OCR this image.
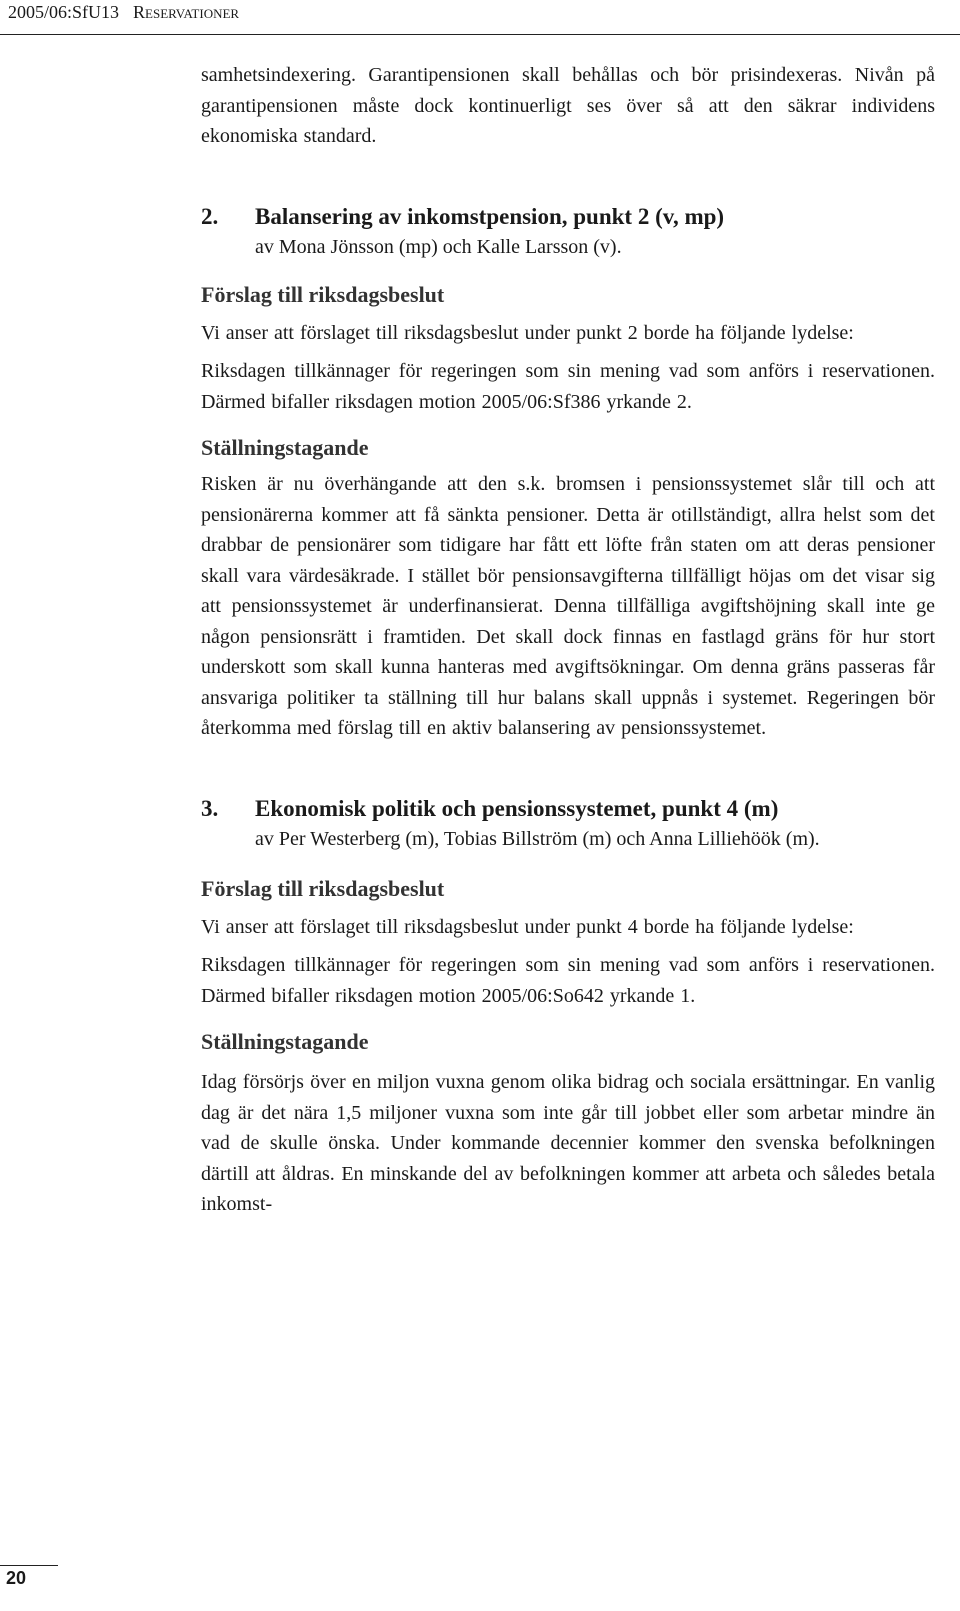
2005/06:SfU13 Reservationer

samhetsindexering. Garantipensionen skall behållas och bör prisindexeras. Nivån på garantipensionen måste dock kontinuerligt ses över så att den säkrar individens ekonomiska standard.

2. Balansering av inkomstpension, punkt 2 (v, mp)
av Mona Jönsson (mp) och Kalle Larsson (v).
Förslag till riksdagsbeslut

Vi anser att förslaget till riksdagsbeslut under punkt 2 borde ha följande lydelse:

Riksdagen tillkännager för regeringen som sin mening vad som anförs i reservationen. Därmed bifaller riksdagen motion 2005/06:Sf386 yrkande 2.

Ställningstagande

Risken är nu överhängande att den s.k. bromsen i pensionssystemet slår till och att pensionärerna kommer att få sänkta pensioner. Detta är otillständigt, allra helst som det drabbar de pensionärer som tidigare har fått ett löfte från staten om att deras pensioner skall vara värdesäkrade. I stället bör pensionsavgifterna tillfälligt höjas om det visar sig att pensionssystemet är underfinansierat. Denna tillfälliga avgiftshöjning skall inte ge någon pensionsrätt i framtiden. Det skall dock finnas en fastlagd gräns för hur stort underskott som skall kunna hanteras med avgiftsökningar. Om denna gräns passeras får ansvariga politiker ta ställning till hur balans skall uppnås i systemet. Regeringen bör återkomma med förslag till en aktiv balansering av pensionssystemet.

3. Ekonomisk politik och pensionssystemet, punkt 4 (m)
av Per Westerberg (m), Tobias Billström (m) och Anna Lilliehöök (m).
Förslag till riksdagsbeslut

Vi anser att förslaget till riksdagsbeslut under punkt 4 borde ha följande lydelse:

Riksdagen tillkännager för regeringen som sin mening vad som anförs i reservationen. Därmed bifaller riksdagen motion 2005/06:So642 yrkande 1.

Ställningstagande

Idag försörjs över en miljon vuxna genom olika bidrag och sociala ersättningar. En vanlig dag är det nära 1,5 miljoner vuxna som inte går till jobbet eller som arbetar mindre än vad de skulle önska. Under kommande decennier kommer den svenska befolkningen därtill att åldras. En minskande del av befolkningen kommer att arbeta och således betala inkomst-

20
